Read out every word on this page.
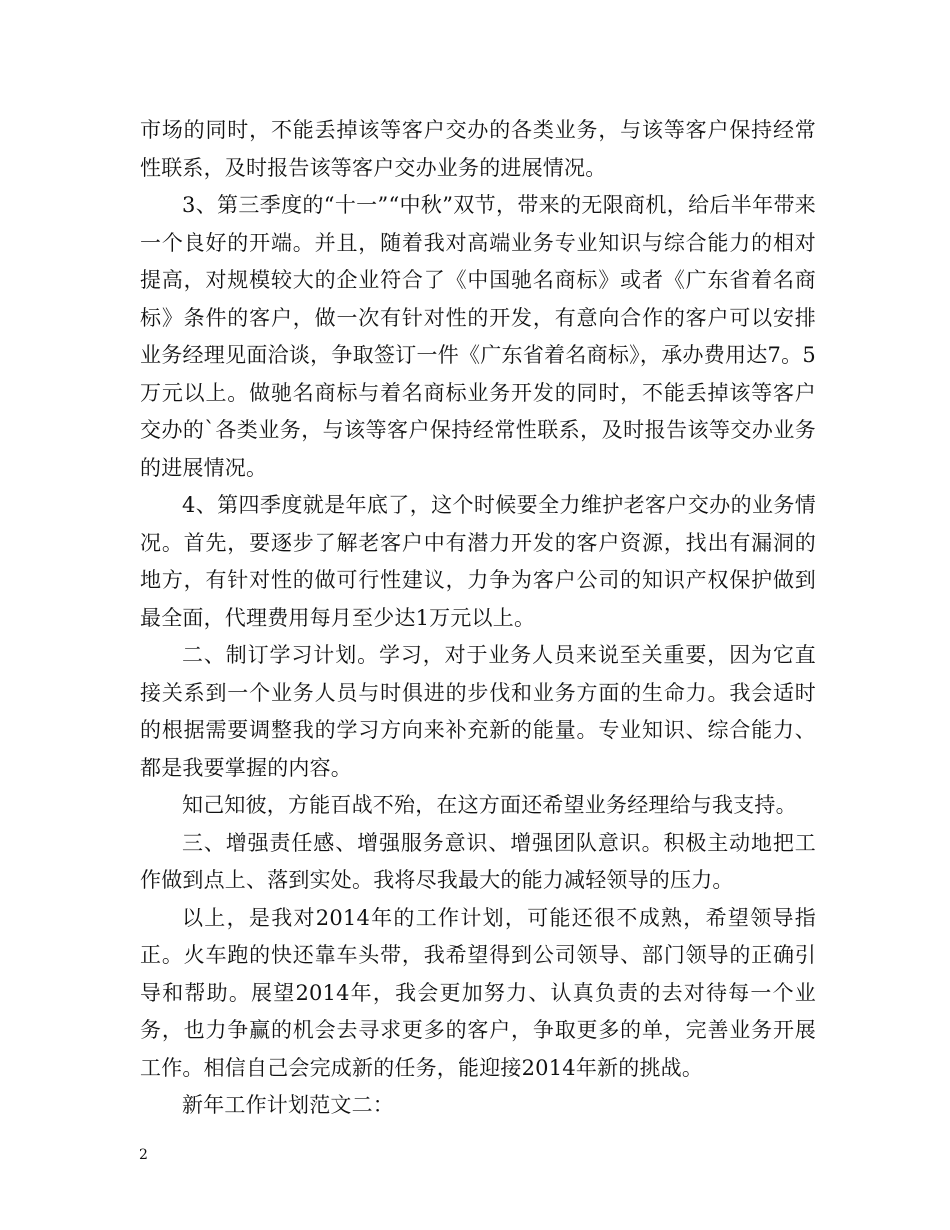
市场的同时，不能丢掉该等客户交办的各类业务，与该等客户保持经常性联系，及时报告该等客户交办业务的进展情况。

3、第三季度的“十一”“中秋”双节，带来的无限商机，给后半年带来一个良好的开端。并且，随着我对高端业务专业知识与综合能力的相对提高，对规模较大的企业符合了《中国驰名商标》或者《广东省着名商标》条件的客户，做一次有针对性的开发，有意向合作的客户可以安排业务经理见面洽谈，争取签订一件《广东省着名商标》，承办费用达7。5万元以上。做驰名商标与着名商标业务开发的同时，不能丢掉该等客户交办的`各类业务，与该等客户保持经常性联系，及时报告该等交办业务的进展情况。

4、第四季度就是年底了，这个时候要全力维护老客户交办的业务情况。首先，要逐步了解老客户中有潜力开发的客户资源，找出有漏洞的地方，有针对性的做可行性建议，力争为客户公司的知识产权保护做到最全面，代理费用每月至少达1万元以上。

二、制订学习计划。学习，对于业务人员来说至关重要，因为它直接关系到一个业务人员与时俱进的步伐和业务方面的生命力。我会适时的根据需要调整我的学习方向来补充新的能量。专业知识、综合能力、都是我要掌握的内容。

知己知彼，方能百战不殆，在这方面还希望业务经理给与我支持。

三、增强责任感、增强服务意识、增强团队意识。积极主动地把工作做到点上、落到实处。我将尽我最大的能力减轻领导的压力。

以上，是我对2014年的工作计划，可能还很不成熟，希望领导指正。火车跑的快还靠车头带，我希望得到公司领导、部门领导的正确引导和帮助。展望2014年，我会更加努力、认真负责的去对待每一个业务，也力争赢的机会去寻求更多的客户，争取更多的单，完善业务开展工作。相信自己会完成新的任务，能迎接2014年新的挑战。

新年工作计划范文二：

2
